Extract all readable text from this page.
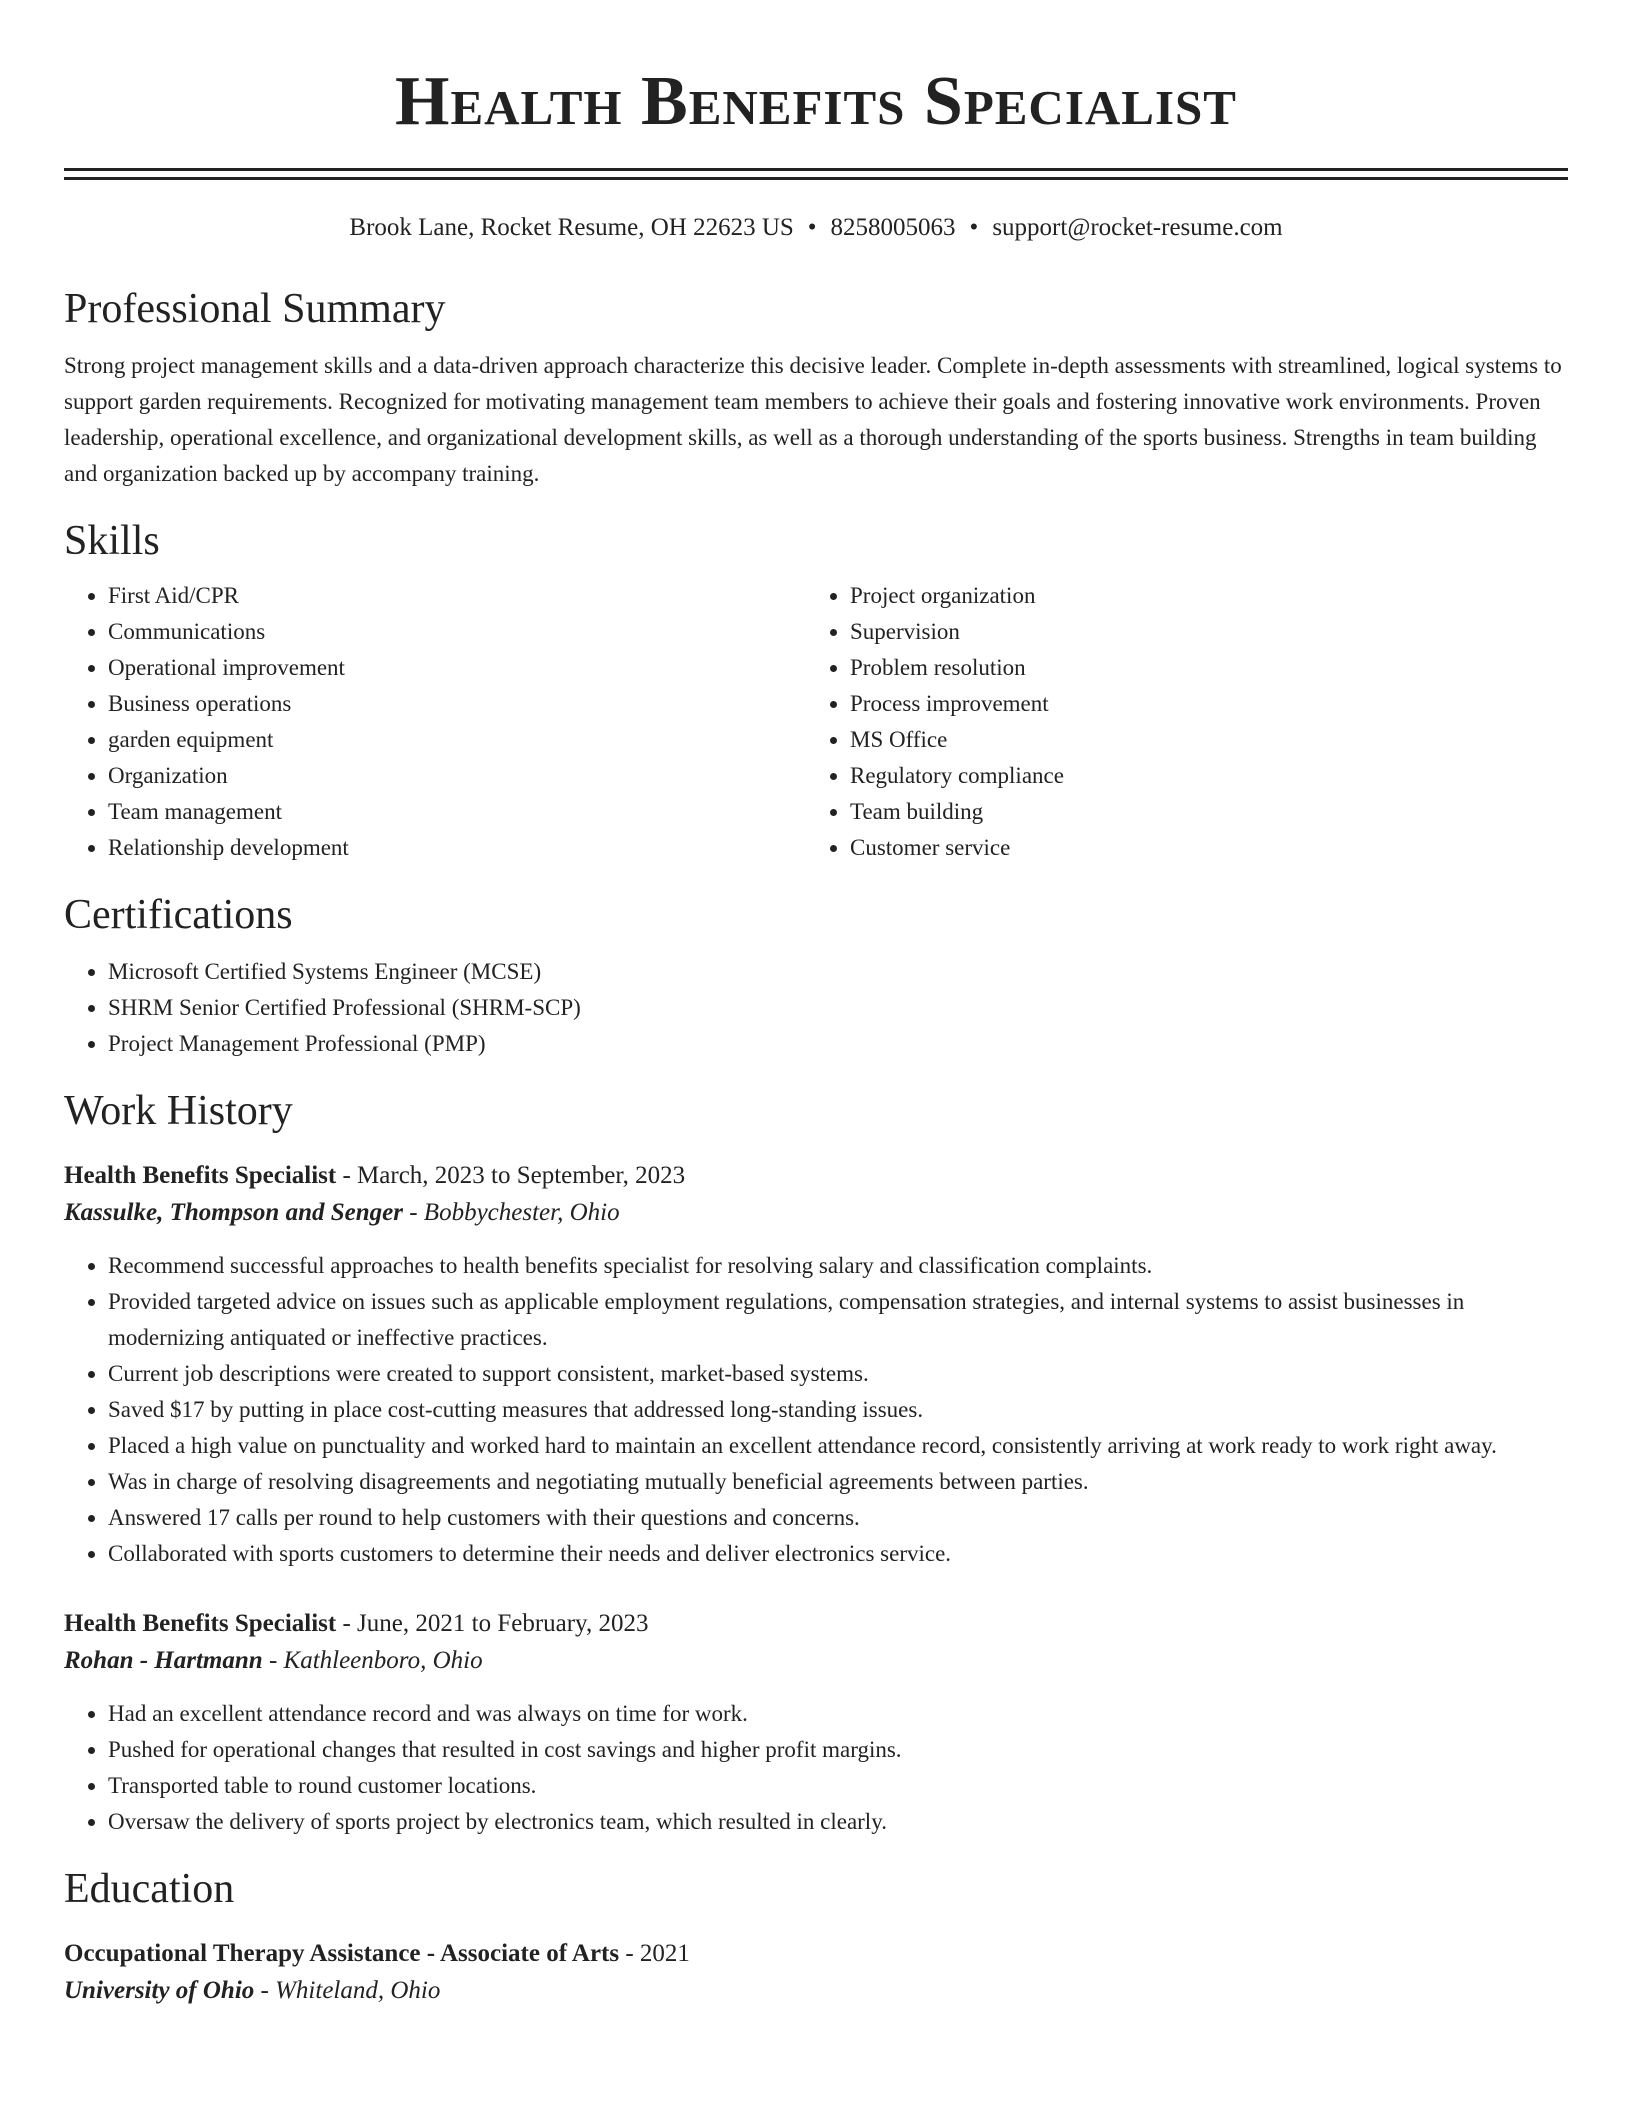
Health Benefits Specialist
Brook Lane, Rocket Resume, OH 22623 US • 8258005063 • support@rocket-resume.com
Professional Summary

Strong project management skills and a data-driven approach characterize this decisive leader. Complete in-depth assessments with streamlined, logical systems to support garden requirements. Recognized for motivating management team members to achieve their goals and fostering innovative work environments. Proven leadership, operational excellence, and organizational development skills, as well as a thorough understanding of the sports business. Strengths in team building and organization backed up by accompany training.

Skills
• First Aid/CPR
• Communications
• Operational improvement
• Business operations
• garden equipment
• Organization
• Team management
• Relationship development
• Project organization
• Supervision
• Problem resolution
• Process improvement
• MS Office
• Regulatory compliance
• Team building
• Customer service
Certifications
• Microsoft Certified Systems Engineer (MCSE)
• SHRM Senior Certified Professional (SHRM-SCP)
• Project Management Professional (PMP)
Work History
Health Benefits Specialist - March, 2023 to September, 2023
Kassulke, Thompson and Senger - Bobbychester, Ohio
• Recommend successful approaches to health benefits specialist for resolving salary and classification complaints.
• Provided targeted advice on issues such as applicable employment regulations, compensation strategies, and internal systems to assist businesses in modernizing antiquated or ineffective practices.
• Current job descriptions were created to support consistent, market-based systems.
• Saved $17 by putting in place cost-cutting measures that addressed long-standing issues.
• Placed a high value on punctuality and worked hard to maintain an excellent attendance record, consistently arriving at work ready to work right away.
• Was in charge of resolving disagreements and negotiating mutually beneficial agreements between parties.
• Answered 17 calls per round to help customers with their questions and concerns.
• Collaborated with sports customers to determine their needs and deliver electronics service.
Health Benefits Specialist - June, 2021 to February, 2023
Rohan - Hartmann - Kathleenboro, Ohio
• Had an excellent attendance record and was always on time for work.
• Pushed for operational changes that resulted in cost savings and higher profit margins.
• Transported table to round customer locations.
• Oversaw the delivery of sports project by electronics team, which resulted in clearly.
Education
Occupational Therapy Assistance - Associate of Arts - 2021
University of Ohio - Whiteland, Ohio
